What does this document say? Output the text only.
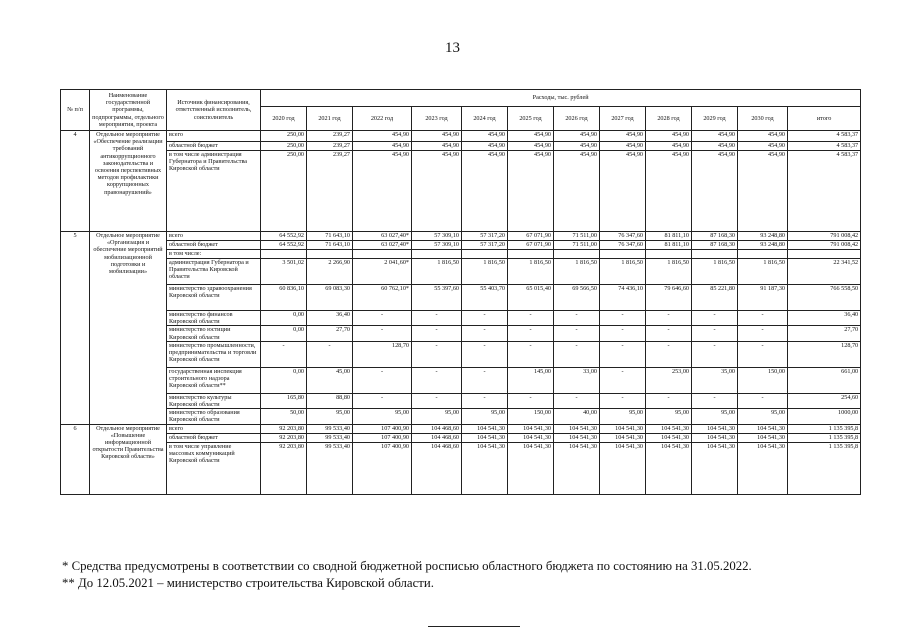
13
№ п/п	Наименование государственной программы, подпрограммы, отдельного мероприятия, проекта	Источник финансирования, ответственный исполнитель, соисполнитель	Расходы, тыс. рублей											
			2020 год	2021 год	2022 год	2023 год	2024 год	2025 год	2026 год	2027 год	2028 год	2029 год	2030 год	итого
4	Отдельное мероприятие «Обеспечение реализации требований антикоррупционного законодательства и освоения перспективных методов профилактики коррупционных правонарушений»	всего	250,00	239,27	454,90	454,90	454,90	454,90	454,90	454,90	454,90	454,90	454,90	4 583,37
		областной бюджет	250,00	239,27	454,90	454,90	454,90	454,90	454,90	454,90	454,90	454,90	454,90	4 583,37
		в том числе администрация Губернатора и Правительства Кировской области	250,00	239,27	454,90	454,90	454,90	454,90	454,90	454,90	454,90	454,90	454,90	4 583,37
5	Отдельное мероприятие «Организация и обеспечение мероприятий мобилизационной подготовки и мобилизации»	всего	64 552,92	71 643,10	63 027,40*	57 309,10	57 317,20	67 071,90	71 511,00	76 347,60	81 811,10	87 168,30	93 248,80	791 008,42
		областной бюджет	64 552,92	71 643,10	63 027,40*	57 309,10	57 317,20	67 071,90	71 511,00	76 347,60	81 811,10	87 168,30	93 248,80	791 008,42
		в том числе:												
		администрация Губернатора и Правительства Кировской области	3 501,02	2 266,90	2 041,60*	1 816,50	1 816,50	1 816,50	1 816,50	1 816,50	1 816,50	1 816,50	1 816,50	22 341,52
		министерство здравоохранения Кировской области	60 836,10	69 083,30	60 762,10*	55 397,60	55 403,70	65 015,40	69 566,50	74 436,10	79 646,60	85 221,80	91 187,30	766 558,50
		министерство финансов Кировской области	0,00	36,40	-	-	-	-	-	-	-	-	-	36,40
		министерство юстиции Кировской области	0,00	27,70	-	-	-	-	-	-	-	-	-	27,70
		министерство промышленности, предпринимательства и торговли Кировской области	-	-	128,70	-	-	-	-	-	-	-	-	128,70
		государственная инспекция строительного надзора Кировской области**	0,00	45,00	-	-	-	145,00	33,00	-	253,00	35,00	150,00	661,00
		министерство культуры Кировской области	165,80	88,80	-	-	-	-	-	-	-	-	-	254,60
		министерство образования Кировской области	50,00	95,00	95,00	95,00	95,00	150,00	40,00	95,00	95,00	95,00	95,00	1000,00
6	Отдельное мероприятие «Повышение информационной открытости Правительства Кировской области»	всего	92 203,80	99 533,40	107 400,90	104 468,60	104 541,30	104 541,30	104 541,30	104 541,30	104 541,30	104 541,30	104 541,30	1 135 395,8
		областной бюджет	92 203,80	99 533,40	107 400,90	104 468,60	104 541,30	104 541,30	104 541,30	104 541,30	104 541,30	104 541,30	104 541,30	1 135 395,8
		в том числе управление массовых коммуникаций Кировской области	92 203,80	99 533,40	107 400,90	104 468,60	104 541,30	104 541,30	104 541,30	104 541,30	104 541,30	104 541,30	104 541,30	1 135 395,8

* Средства предусмотрены в соответствии со сводной бюджетной росписью областного бюджета по состоянию на 31.05.2022.

** До 12.05.2021 – министерство строительства Кировской области.
